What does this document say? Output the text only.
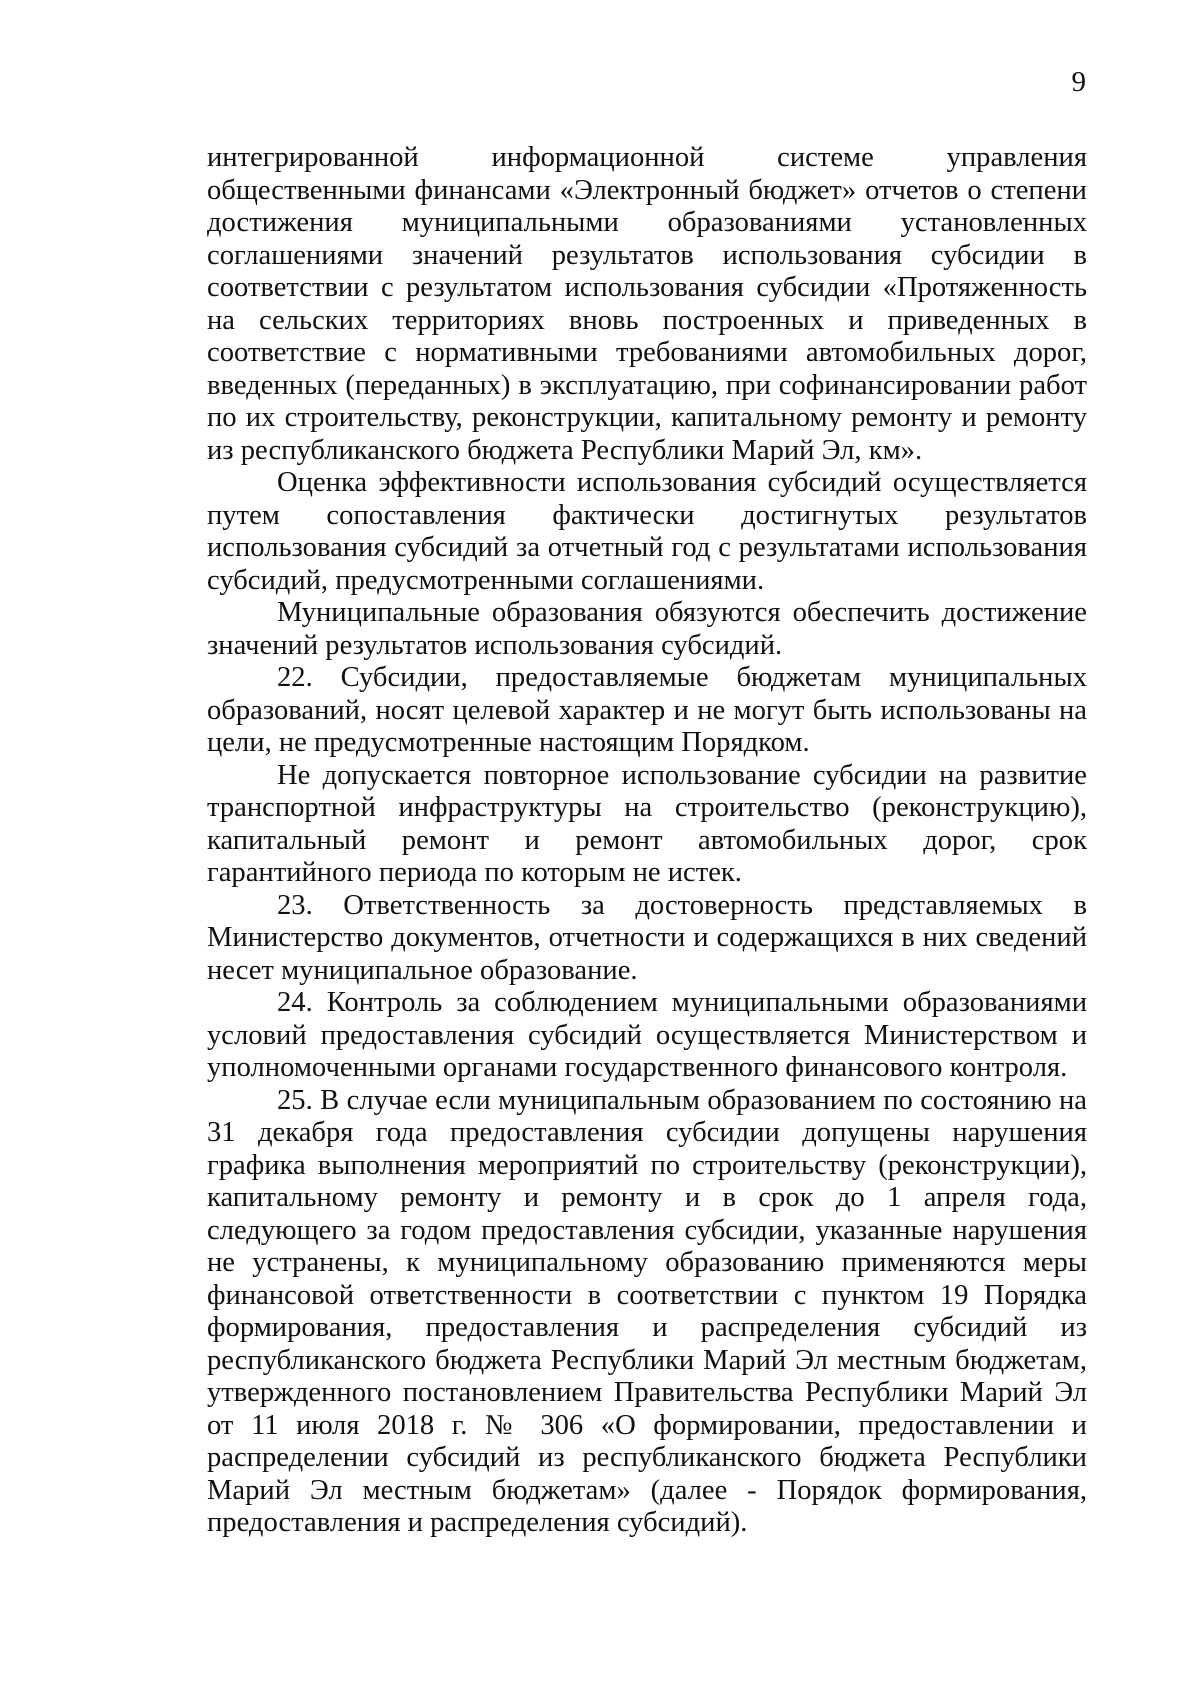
9

интегрированной информационной системе управления общественными финансами «Электронный бюджет» отчетов о степени достижения муниципальными образованиями установленных соглашениями значений результатов использования субсидии в соответствии с результатом использования субсидии «Протяженность на сельских территориях вновь построенных и приведенных в соответствие с нормативными требованиями автомобильных дорог, введенных (переданных) в эксплуатацию, при софинансировании работ по их строительству, реконструкции, капитальному ремонту и ремонту из республиканского бюджета Республики Марий Эл, км».

Оценка эффективности использования субсидий осуществляется путем сопоставления фактически достигнутых результатов использования субсидий за отчетный год с результатами использования субсидий, предусмотренными соглашениями.

Муниципальные образования обязуются обеспечить достижение значений результатов использования субсидий.

22. Субсидии, предоставляемые бюджетам муниципальных образований, носят целевой характер и не могут быть использованы на цели, не предусмотренные настоящим Порядком.

Не допускается повторное использование субсидии на развитие транспортной инфраструктуры на строительство (реконструкцию), капитальный ремонт и ремонт автомобильных дорог, срок гарантийного периода по которым не истек.

23. Ответственность за достоверность представляемых в Министерство документов, отчетности и содержащихся в них сведений несет муниципальное образование.

24. Контроль за соблюдением муниципальными образованиями условий предоставления субсидий осуществляется Министерством и уполномоченными органами государственного финансового контроля.

25. В случае если муниципальным образованием по состоянию на 31 декабря года предоставления субсидии допущены нарушения графика выполнения мероприятий по строительству (реконструкции), капитальному ремонту и ремонту и в срок до 1 апреля года, следующего за годом предоставления субсидии, указанные нарушения не устранены, к муниципальному образованию применяются меры финансовой ответственности в соответствии с пунктом 19 Порядка формирования, предоставления и распределения субсидий из республиканского бюджета Республики Марий Эл местным бюджетам, утвержденного постановлением Правительства Республики Марий Эл от 11 июля 2018 г. № 306 «О формировании, предоставлении и распределении субсидий из республиканского бюджета Республики Марий Эл местным бюджетам» (далее - Порядок формирования, предоставления и распределения субсидий).
